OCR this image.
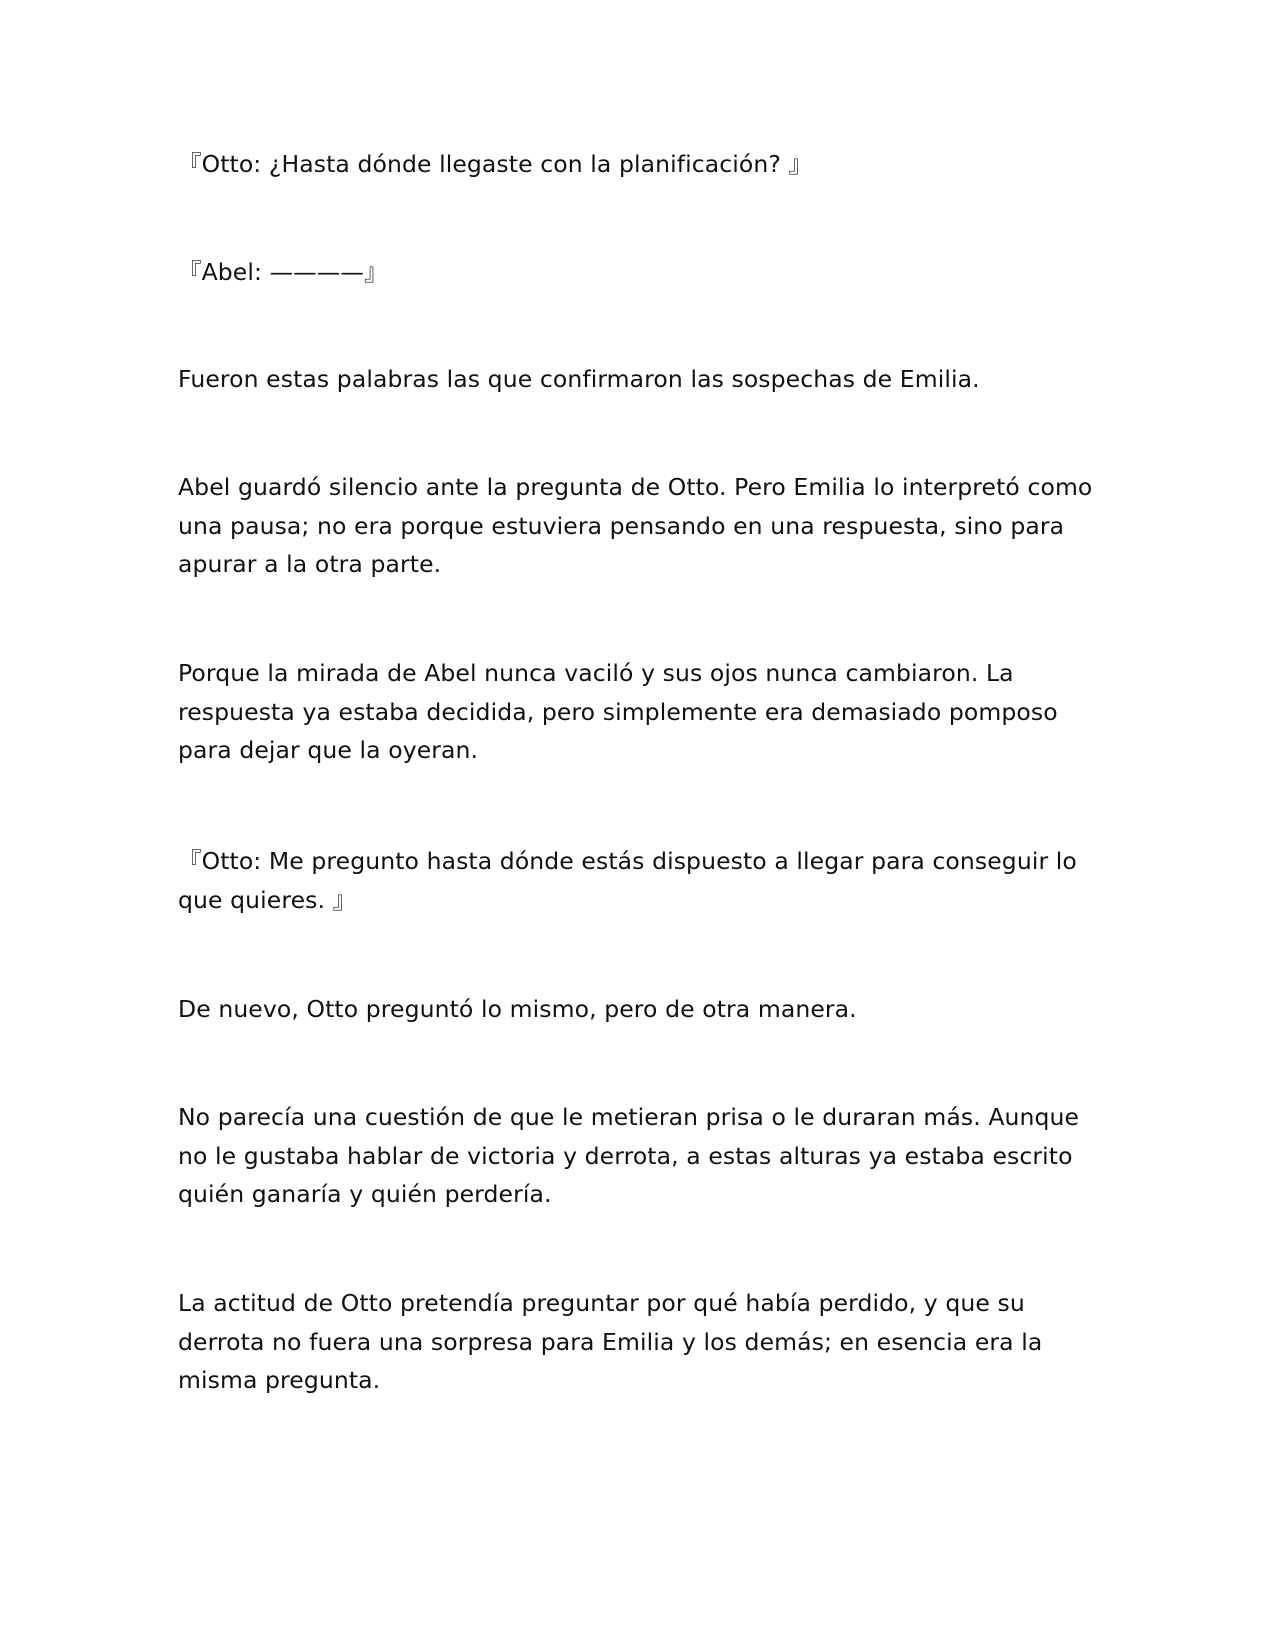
『Otto: ¿Hasta dónde llegaste con la planificación? 』

『Abel: ————』

Fueron estas palabras las que confirmaron las sospechas de Emilia.

Abel guardó silencio ante la pregunta de Otto. Pero Emilia lo interpretó como una pausa; no era porque estuviera pensando en una respuesta, sino para apurar a la otra parte.

Porque la mirada de Abel nunca vaciló y sus ojos nunca cambiaron. La respuesta ya estaba decidida, pero simplemente era demasiado pomposo para dejar que la oyeran.

『Otto: Me pregunto hasta dónde estás dispuesto a llegar para conseguir lo que quieres. 』

De nuevo, Otto preguntó lo mismo, pero de otra manera.

No parecía una cuestión de que le metieran prisa o le duraran más. Aunque no le gustaba hablar de victoria y derrota, a estas alturas ya estaba escrito quién ganaría y quién perdería.

La actitud de Otto pretendía preguntar por qué había perdido, y que su derrota no fuera una sorpresa para Emilia y los demás; en esencia era la misma pregunta.
